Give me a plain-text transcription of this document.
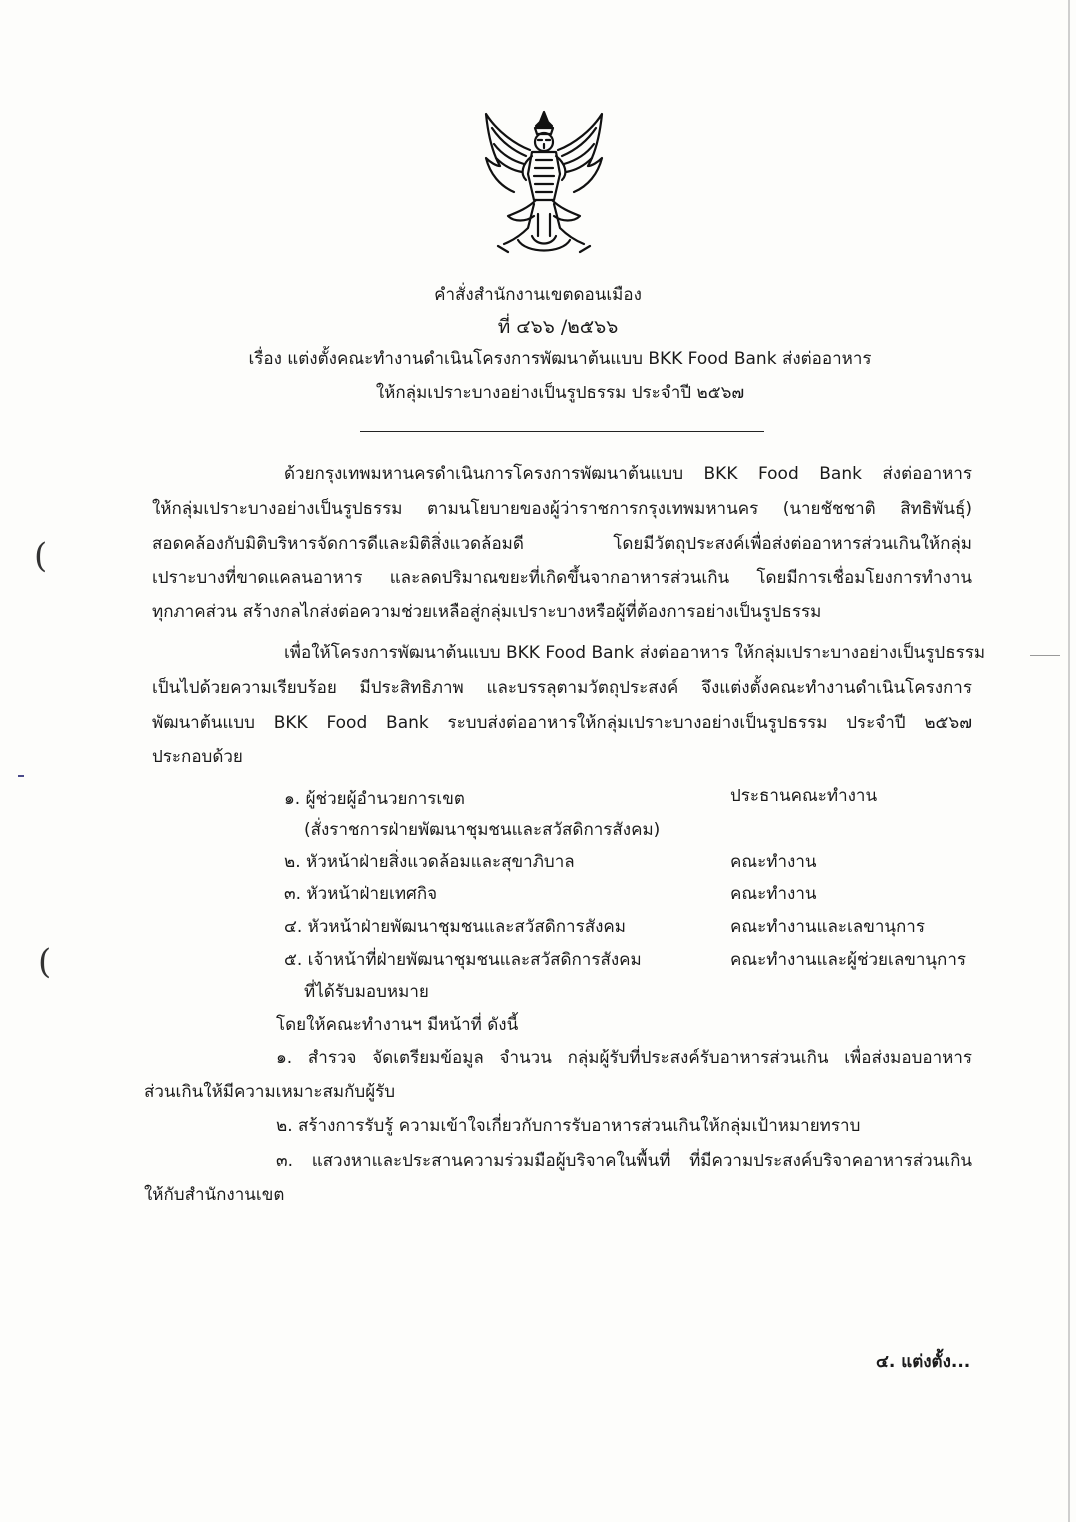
คำสั่งสำนักงานเขตดอนเมือง
ที่ ๔๖๖ /๒๕๖๖
เรื่อง แต่งตั้งคณะทำงานดำเนินโครงการพัฒนาต้นแบบ BKK Food Bank ส่งต่ออาหาร
ให้กลุ่มเปราะบางอย่างเป็นรูปธรรม ประจำปี ๒๕๖๗
ด้วยกรุงเทพมหานครดำเนินการโครงการพัฒนาต้นแบบ BKK Food Bank ส่งต่ออาหาร
ให้กลุ่มเปราะบางอย่างเป็นรูปธรรม ตามนโยบายของผู้ว่าราชการกรุงเทพมหานคร (นายชัชชาติ สิทธิพันธุ์)
สอดคล้องกับมิติบริหารจัดการดีและมิติสิ่งแวดล้อมดี โดยมีวัตถุประสงค์เพื่อส่งต่ออาหารส่วนเกินให้กลุ่ม
เปราะบางที่ขาดแคลนอาหาร และลดปริมาณขยะที่เกิดขึ้นจากอาหารส่วนเกิน โดยมีการเชื่อมโยงการทำงาน
ทุกภาคส่วน สร้างกลไกส่งต่อความช่วยเหลือสู่กลุ่มเปราะบางหรือผู้ที่ต้องการอย่างเป็นรูปธรรม
เพื่อให้โครงการพัฒนาต้นแบบ BKK Food Bank ส่งต่ออาหาร ให้กลุ่มเปราะบางอย่างเป็นรูปธรรม
เป็นไปด้วยความเรียบร้อย มีประสิทธิภาพ และบรรลุตามวัตถุประสงค์ จึงแต่งตั้งคณะทำงานดำเนินโครงการ
พัฒนาต้นแบบ BKK Food Bank ระบบส่งต่ออาหารให้กลุ่มเปราะบางอย่างเป็นรูปธรรม ประจำปี ๒๕๖๗
ประกอบด้วย
๑. ผู้ช่วยผู้อำนวยการเขต	ประธานคณะทำงาน
(สั่งราชการฝ่ายพัฒนาชุมชนและสวัสดิการสังคม)
๒. หัวหน้าฝ่ายสิ่งแวดล้อมและสุขาภิบาล	คณะทำงาน
๓. หัวหน้าฝ่ายเทศกิจ	คณะทำงาน
๔. หัวหน้าฝ่ายพัฒนาชุมชนและสวัสดิการสังคม	คณะทำงานและเลขานุการ
๕. เจ้าหน้าที่ฝ่ายพัฒนาชุมชนและสวัสดิการสังคม	คณะทำงานและผู้ช่วยเลขานุการ
ที่ได้รับมอบหมาย
โดยให้คณะทำงานฯ มีหน้าที่ ดังนี้
๑. สำรวจ จัดเตรียมข้อมูล จำนวน กลุ่มผู้รับที่ประสงค์รับอาหารส่วนเกิน เพื่อส่งมอบอาหาร
ส่วนเกินให้มีความเหมาะสมกับผู้รับ
๒. สร้างการรับรู้ ความเข้าใจเกี่ยวกับการรับอาหารส่วนเกินให้กลุ่มเป้าหมายทราบ
๓. แสวงหาและประสานความร่วมมือผู้บริจาคในพื้นที่ ที่มีความประสงค์บริจาคอาหารส่วนเกิน
ให้กับสำนักงานเขต
๔. แต่งตั้ง...
(
(
